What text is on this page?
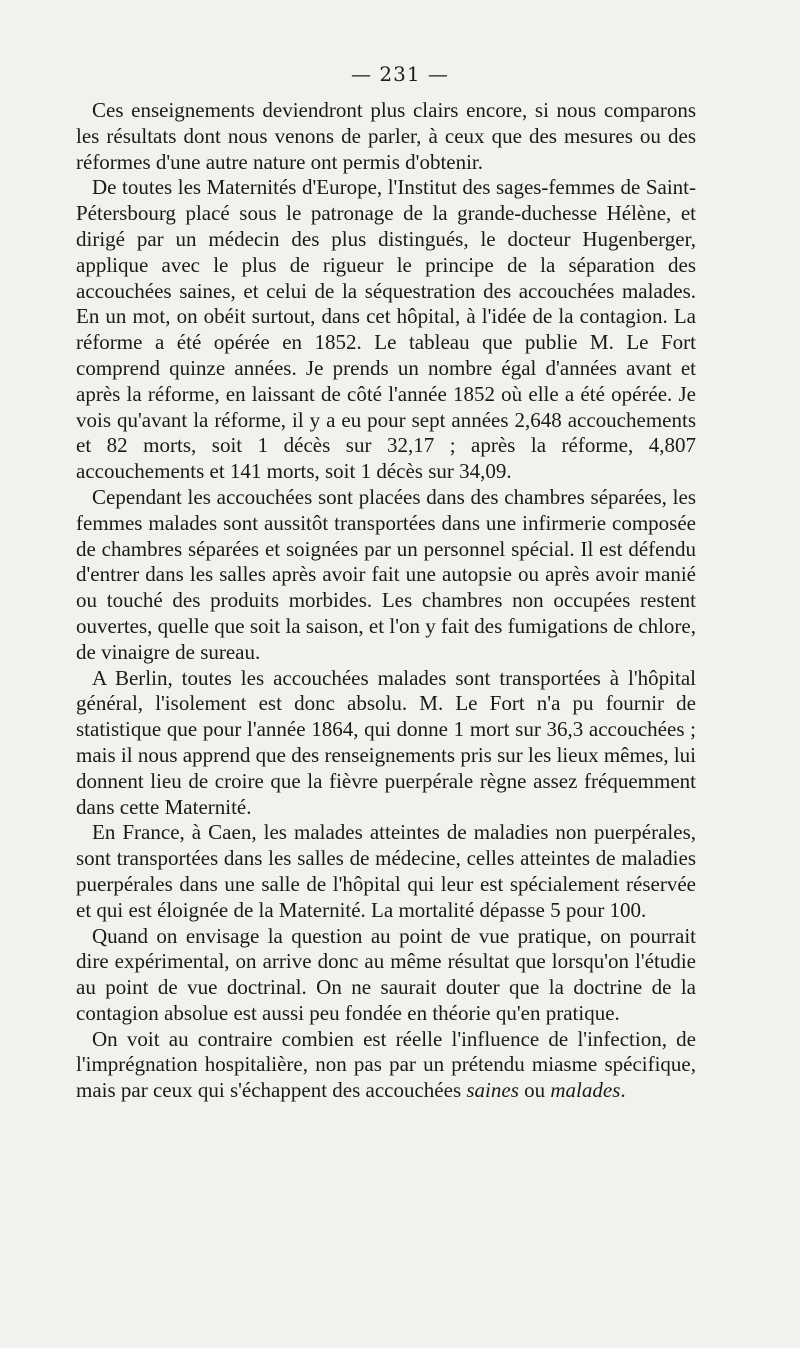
— 231 —

Ces enseignements deviendront plus clairs encore, si nous comparons les résultats dont nous venons de parler, à ceux que des mesures ou des réformes d'une autre nature ont permis d'obtenir.

De toutes les Maternités d'Europe, l'Institut des sages-femmes de Saint-Pétersbourg placé sous le patronage de la grande-duchesse Hélène, et dirigé par un médecin des plus distingués, le docteur Hugenberger, applique avec le plus de rigueur le principe de la séparation des accouchées saines, et celui de la séquestration des accouchées malades. En un mot, on obéit surtout, dans cet hôpital, à l'idée de la contagion. La réforme a été opérée en 1852. Le tableau que publie M. Le Fort comprend quinze années. Je prends un nombre égal d'années avant et après la réforme, en laissant de côté l'année 1852 où elle a été opérée. Je vois qu'avant la réforme, il y a eu pour sept années 2,648 accouchements et 82 morts, soit 1 décès sur 32,17 ; après la réforme, 4,807 accouchements et 141 morts, soit 1 décès sur 34,09.

Cependant les accouchées sont placées dans des chambres séparées, les femmes malades sont aussitôt transportées dans une infirmerie composée de chambres séparées et soignées par un personnel spécial. Il est défendu d'entrer dans les salles après avoir fait une autopsie ou après avoir manié ou touché des produits morbides. Les chambres non occupées restent ouvertes, quelle que soit la saison, et l'on y fait des fumigations de chlore, de vinaigre de sureau.

A Berlin, toutes les accouchées malades sont transportées à l'hôpital général, l'isolement est donc absolu. M. Le Fort n'a pu fournir de statistique que pour l'année 1864, qui donne 1 mort sur 36,3 accouchées ; mais il nous apprend que des renseignements pris sur les lieux mêmes, lui donnent lieu de croire que la fièvre puerpérale règne assez fréquemment dans cette Maternité.

En France, à Caen, les malades atteintes de maladies non puerpérales, sont transportées dans les salles de médecine, celles atteintes de maladies puerpérales dans une salle de l'hôpital qui leur est spécialement réservée et qui est éloignée de la Maternité. La mortalité dépasse 5 pour 100.

Quand on envisage la question au point de vue pratique, on pourrait dire expérimental, on arrive donc au même résultat que lorsqu'on l'étudie au point de vue doctrinal. On ne saurait douter que la doctrine de la contagion absolue est aussi peu fondée en théorie qu'en pratique.

On voit au contraire combien est réelle l'influence de l'infection, de l'imprégnation hospitalière, non pas par un prétendu miasme spécifique, mais par ceux qui s'échappent des accouchées saines ou malades.
